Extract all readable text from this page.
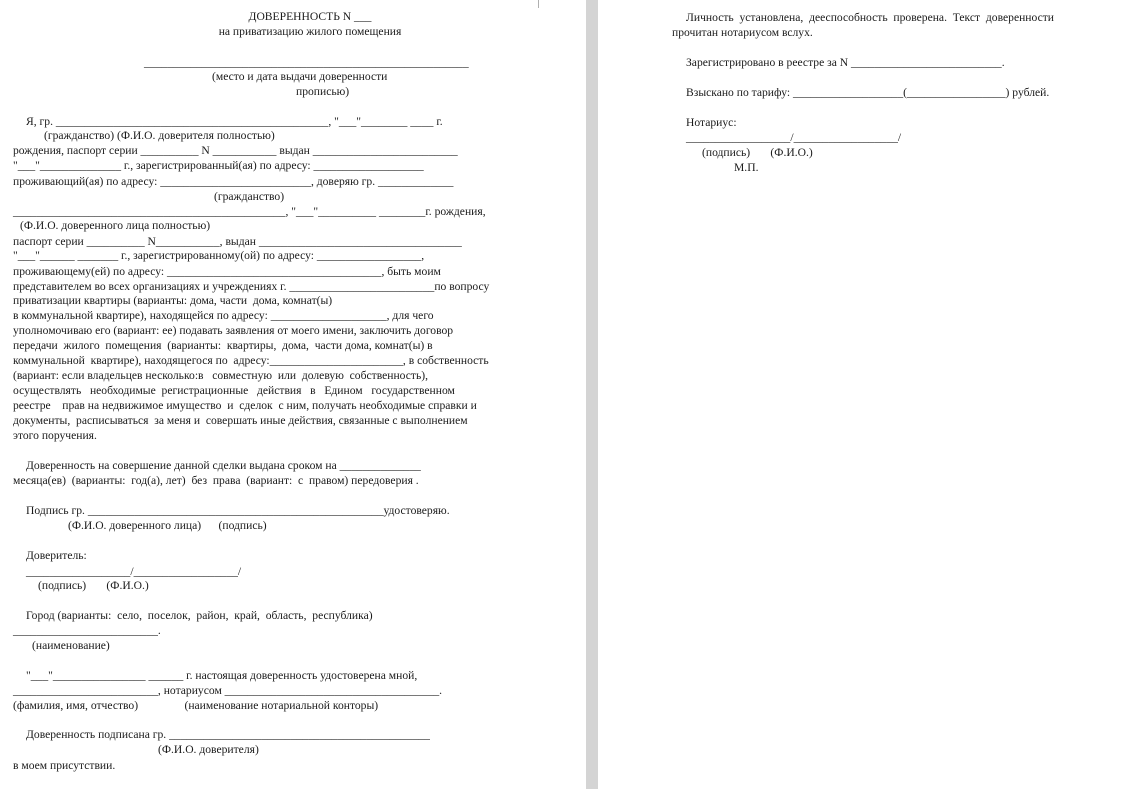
ДОВЕРЕННОСТЬ N ___
на приватизацию жилого помещения
________________________________________________________
(место и дата выдачи доверенности
прописью)
Я, гр. _______________________________________________, "___"________ ____ г.
(гражданство) (Ф.И.О. доверителя полностью)
рождения, паспорт серии __________ N ___________ выдан _________________________
"___"______________ г., зарегистрированный(ая) по адресу: ___________________
проживающий(ая) по адресу: __________________________, доверяю гр. _____________
(гражданство)
_______________________________________________, "___"__________ ________г. рождения,
(Ф.И.О. доверенного лица полностью)
паспорт серии __________ N___________, выдан ___________________________________
"___"______ _______ г., зарегистрированному(ой) по адресу: __________________,
проживающему(ей) по адресу: _____________________________________, быть моим
представителем во всех организациях и учреждениях г. _________________________по вопросу
приватизации квартиры (варианты: дома, части  дома, комнат(ы)
в коммунальной квартире), находящейся по адресу: ____________________, для чего
уполномочиваю его (вариант: ее) подавать заявления от моего имени, заключить договор
передачи  жилого  помещения  (варианты:  квартиры,  дома,  части дома, комнат(ы) в
коммунальной  квартире), находящегося по  адресу:_______________________, в собственность
(вариант: если владельцев несколько:в   совместную  или  долевую  собственность),
осуществлять   необходимые  регистрационные   действия   в   Едином   государственном
реестре    прав на недвижимое имущество  и  сделок  с ним, получать необходимые справки и
документы,  расписываться  за меня и  совершать иные действия, связанные с выполнением
этого поручения.
Доверенность на совершение данной сделки выдана сроком на ______________
месяца(ев)  (варианты:  год(а), лет)  без  права  (вариант:  с  правом) передоверия .
Подпись гр. ___________________________________________________удостоверяю.
(Ф.И.О. доверенного лица)      (подпись)
Доверитель:
__________________/__________________/
(подпись)       (Ф.И.О.)
Город (варианты:  село,  поселок,  район,  край,  область,  республика)
_________________________.
(наименование)
"___"________________ ______ г. настоящая доверенность удостоверена мной,
_________________________, нотариусом _____________________________________.
(фамилия, имя, отчество)                (наименование нотариальной конторы)
Доверенность подписана гр. _____________________________________________
(Ф.И.О. доверителя)
в моем присутствии.
Личность  установлена,  дееспособность  проверена.  Текст  доверенности
прочитан нотариусом вслух.
Зарегистрировано в реестре за N __________________________.
Взыскано по тарифу: ___________________(_________________) рублей.
Нотариус:
__________________/__________________/
(подпись)       (Ф.И.О.)
М.П.
